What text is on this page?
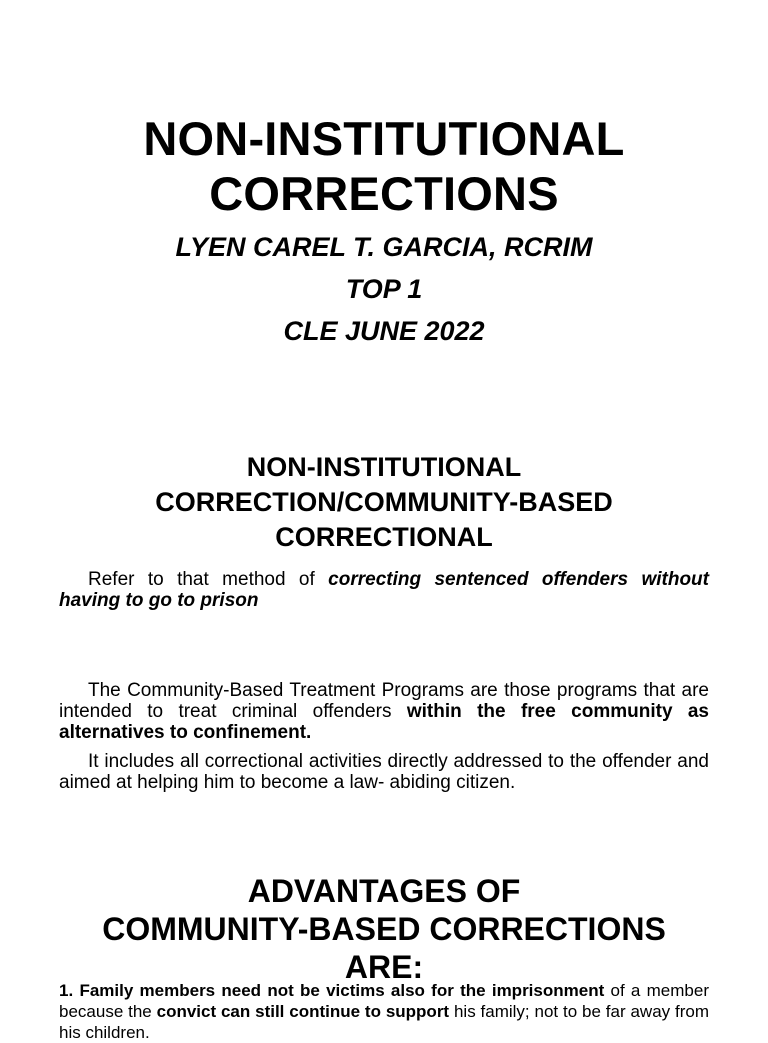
NON-INSTITUTIONAL
CORRECTIONS
LYEN CAREL T. GARCIA, RCRIM
TOP 1
CLE JUNE 2022
NON-INSTITUTIONAL
CORRECTION/COMMUNITY-BASED
CORRECTIONAL

Refer to that method of correcting sentenced offenders without having to go to prison

The Community-Based Treatment Programs are those programs that are intended to treat criminal offenders within the free community as alternatives to confinement.

It includes all correctional activities directly addressed to the offender and aimed at helping him to become a law- abiding citizen.

ADVANTAGES OF
COMMUNITY-BASED CORRECTIONS
ARE:

1. Family members need not be victims also for the imprisonment of a member because the convict can still continue to support his family; not to be far away from his children.
